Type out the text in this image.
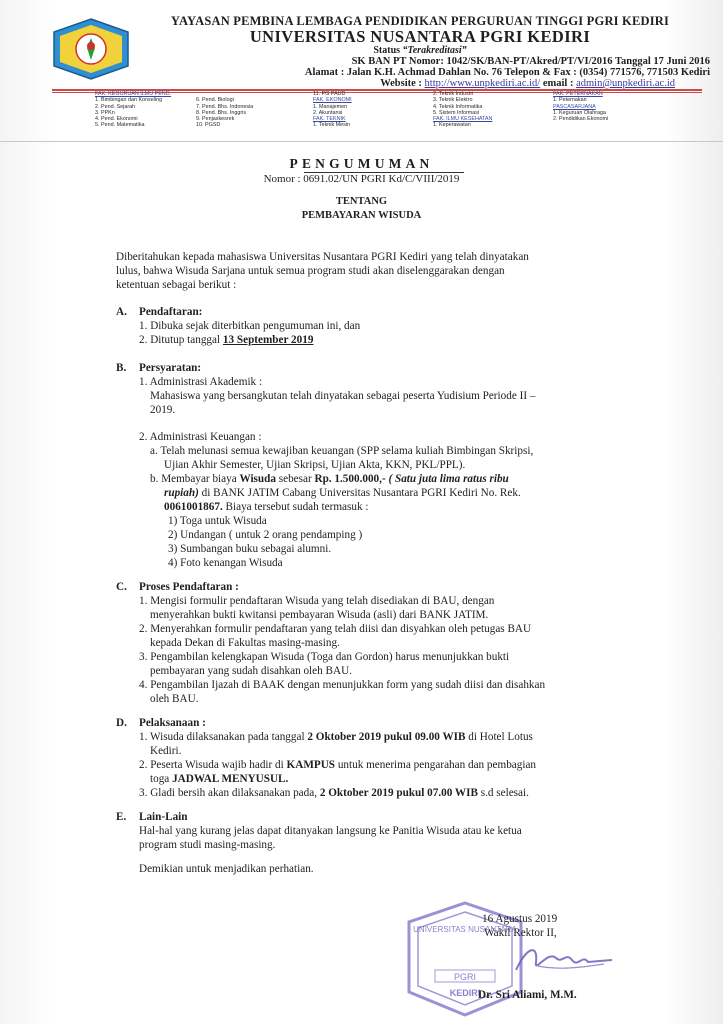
YAYASAN PEMBINA LEMBAGA PENDIDIKAN PERGURUAN TINGGI PGRI KEDIRI
UNIVERSITAS NUSANTARA PGRI KEDIRI
Status “Terakreditasi”
SK BAN PT Nomor: 1042/SK/BAN-PT/Akred/PT/VI/2016 Tanggal 17 Juni 2016
Alamat : Jalan K.H. Achmad Dahlan No. 76 Telepon & Fax : (0354) 771576, 771503 Kediri
Website : http://www.unpkediri.ac.id/ email : admin@unpkediri.ac.id
FAK. KEGURUAN ILMU PEND.
1. Bimbingan dan Konseling
2. Pend. Sejarah
3. PPKn
4. Pend. Ekonomi
5. Pend. Matematika

6. Pend. Biologi
7. Pend. Bhs. Indonesia
8. Pend. Bhs. Inggris
9. Penjaskesrek
10. PGSD
11. PG PAUD
FAK. EKONOMI
1. Manajemen
2. Akuntansi
FAK. TEKNIK
1. Teknik Mesin
2. Teknik Industri
3. Teknik Elektro
4. Teknik Informatika
5. Sistem Informasi
FAK. ILMU KESEHATAN
1. Keperawatan
FAK. PETERNAKAN
1. Peternakan
PASCASARJANA
1. Keguruan Olahraga
2. Pendidikan Ekonomi
PENGUMUMAN
Nomor : 0691.02/UN PGRI Kd/C/VIII/2019
TENTANG
PEMBAYARAN WISUDA
Diberitahukan kepada mahasiswa Universitas Nusantara PGRI Kediri yang telah dinyatakan
lulus, bahwa Wisuda Sarjana untuk semua program studi akan diselenggarakan dengan
ketentuan sebagai berikut :
A. Pendaftaran:
1. Dibuka sejak diterbitkan pengumuman ini, dan
2. Ditutup tanggal 13 September 2019
B. Persyaratan:
1. Administrasi Akademik :
Mahasiswa yang bersangkutan telah dinyatakan sebagai peserta Yudisium Periode II –
2019.
2. Administrasi Keuangan :
a. Telah melunasi semua kewajiban keuangan (SPP selama kuliah Bimbingan Skripsi,
Ujian Akhir Semester, Ujian Skripsi, Ujian Akta, KKN, PKL/PPL).
b. Membayar biaya Wisuda sebesar Rp. 1.500.000,- ( Satu juta lima ratus ribu
rupiah) di BANK JATIM Cabang Universitas Nusantara PGRI Kediri No. Rek.
0061001867. Biaya tersebut sudah termasuk :
1) Toga untuk Wisuda
2) Undangan ( untuk 2 orang pendamping )
3) Sumbangan buku sebagai alumni.
4) Foto kenangan Wisuda
C. Proses Pendaftaran :
1. Mengisi formulir pendaftaran Wisuda yang telah disediakan di BAU, dengan
menyerahkan bukti kwitansi pembayaran Wisuda (asli) dari BANK JATIM.
2. Menyerahkan formulir pendaftaran yang telah diisi dan disyahkan oleh petugas BAU
kepada Dekan di Fakultas masing-masing.
3. Pengambilan kelengkapan Wisuda (Toga dan Gordon) harus menunjukkan bukti
pembayaran yang sudah disahkan oleh BAU.
4. Pengambilan Ijazah di BAAK dengan menunjukkan form yang sudah diisi dan disahkan
oleh BAU.
D. Pelaksanaan :
1. Wisuda dilaksanakan pada tanggal 2 Oktober 2019 pukul 09.00 WIB di Hotel Lotus
Kediri.
2. Peserta Wisuda wajib hadir di KAMPUS untuk menerima pengarahan dan pembagian
toga JADWAL MENYUSUL.
3. Gladi bersih akan dilaksanakan pada, 2 Oktober 2019 pukul 07.00 WIB s.d selesai.
E. Lain-Lain
Hal-hal yang kurang jelas dapat ditanyakan langsung ke Panitia Wisuda atau ke ketua
program studi masing-masing.
Demikian untuk menjadikan perhatian.
UNIVERSITAS NUSANTARA
PGRI
KEDIRI
16 Agustus 2019
Wakil Rektor II,
Dr. Sri Aliami, M.M.
